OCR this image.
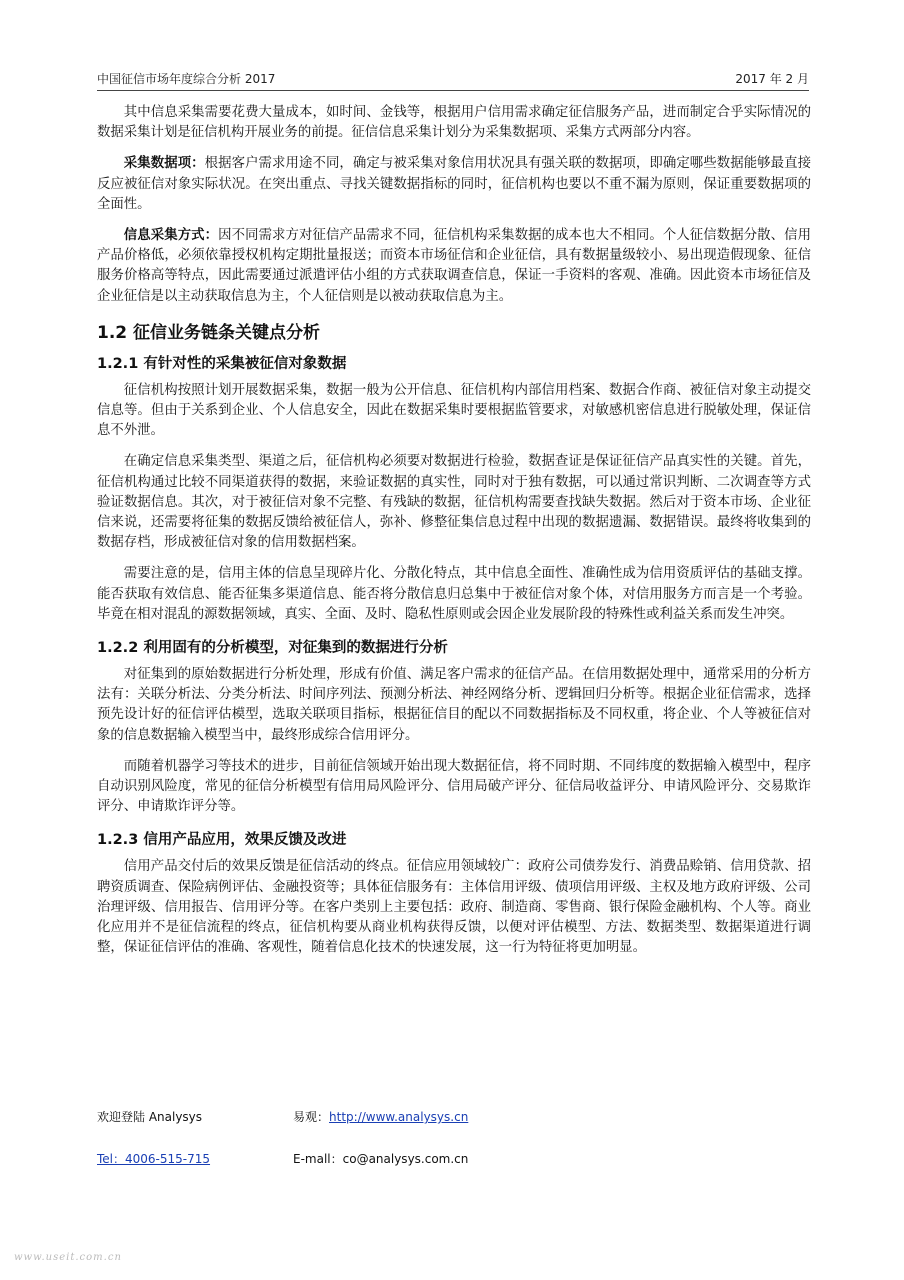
中国征信市场年度综合分析 2017	2017 年 2 月

其中信息采集需要花费大量成本，如时间、金钱等，根据用户信用需求确定征信服务产品，进而制定合乎实际情况的数据采集计划是征信机构开展业务的前提。征信信息采集计划分为采集数据项、采集方式两部分内容。

采集数据项：根据客户需求用途不同，确定与被采集对象信用状况具有强关联的数据项，即确定哪些数据能够最直接反应被征信对象实际状况。在突出重点、寻找关键数据指标的同时，征信机构也要以不重不漏为原则，保证重要数据项的全面性。

信息采集方式：因不同需求方对征信产品需求不同，征信机构采集数据的成本也大不相同。个人征信数据分散、信用产品价格低，必须依靠授权机构定期批量报送；而资本市场征信和企业征信，具有数据量级较小、易出现造假现象、征信服务价格高等特点，因此需要通过派遣评估小组的方式获取调查信息，保证一手资料的客观、准确。因此资本市场征信及企业征信是以主动获取信息为主，个人征信则是以被动获取信息为主。

1.2 征信业务链条关键点分析
1.2.1 有针对性的采集被征信对象数据

征信机构按照计划开展数据采集，数据一般为公开信息、征信机构内部信用档案、数据合作商、被征信对象主动提交信息等。但由于关系到企业、个人信息安全，因此在数据采集时要根据监管要求，对敏感机密信息进行脱敏处理，保证信息不外泄。

在确定信息采集类型、渠道之后，征信机构必须要对数据进行检验，数据查证是保证征信产品真实性的关键。首先，征信机构通过比较不同渠道获得的数据，来验证数据的真实性，同时对于独有数据，可以通过常识判断、二次调查等方式验证数据信息。其次，对于被征信对象不完整、有残缺的数据，征信机构需要查找缺失数据。然后对于资本市场、企业征信来说，还需要将征集的数据反馈给被征信人，弥补、修整征集信息过程中出现的数据遗漏、数据错误。最终将收集到的数据存档，形成被征信对象的信用数据档案。

需要注意的是，信用主体的信息呈现碎片化、分散化特点，其中信息全面性、准确性成为信用资质评估的基础支撑。能否获取有效信息、能否征集多渠道信息、能否将分散信息归总集中于被征信对象个体，对信用服务方而言是一个考验。毕竟在相对混乱的源数据领域，真实、全面、及时、隐私性原则或会因企业发展阶段的特殊性或利益关系而发生冲突。

1.2.2 利用固有的分析模型，对征集到的数据进行分析

对征集到的原始数据进行分析处理，形成有价值、满足客户需求的征信产品。在信用数据处理中，通常采用的分析方法有：关联分析法、分类分析法、时间序列法、预测分析法、神经网络分析、逻辑回归分析等。根据企业征信需求，选择预先设计好的征信评估模型，选取关联项目指标，根据征信目的配以不同数据指标及不同权重，将企业、个人等被征信对象的信息数据输入模型当中，最终形成综合信用评分。

而随着机器学习等技术的进步，目前征信领域开始出现大数据征信，将不同时期、不同纬度的数据输入模型中，程序自动识别风险度，常见的征信分析模型有信用局风险评分、信用局破产评分、征信局收益评分、申请风险评分、交易欺诈评分、申请欺诈评分等。

1.2.3 信用产品应用，效果反馈及改进

信用产品交付后的效果反馈是征信活动的终点。征信应用领域较广：政府公司债券发行、消费品赊销、信用贷款、招聘资质调查、保险病例评估、金融投资等；具体征信服务有：主体信用评级、债项信用评级、主权及地方政府评级、公司治理评级、信用报告、信用评分等。在客户类别上主要包括：政府、制造商、零售商、银行保险金融机构、个人等。商业化应用并不是征信流程的终点，征信机构要从商业机构获得反馈，以便对评估模型、方法、数据类型、数据渠道进行调整，保证征信评估的准确、客观性，随着信息化技术的快速发展，这一行为特征将更加明显。

欢迎登陆 Analysys	易观：http://www.analysys.cn
Tel：4006-515-715	E-mall：co@analysys.com.cn
www.useit.com.cn
